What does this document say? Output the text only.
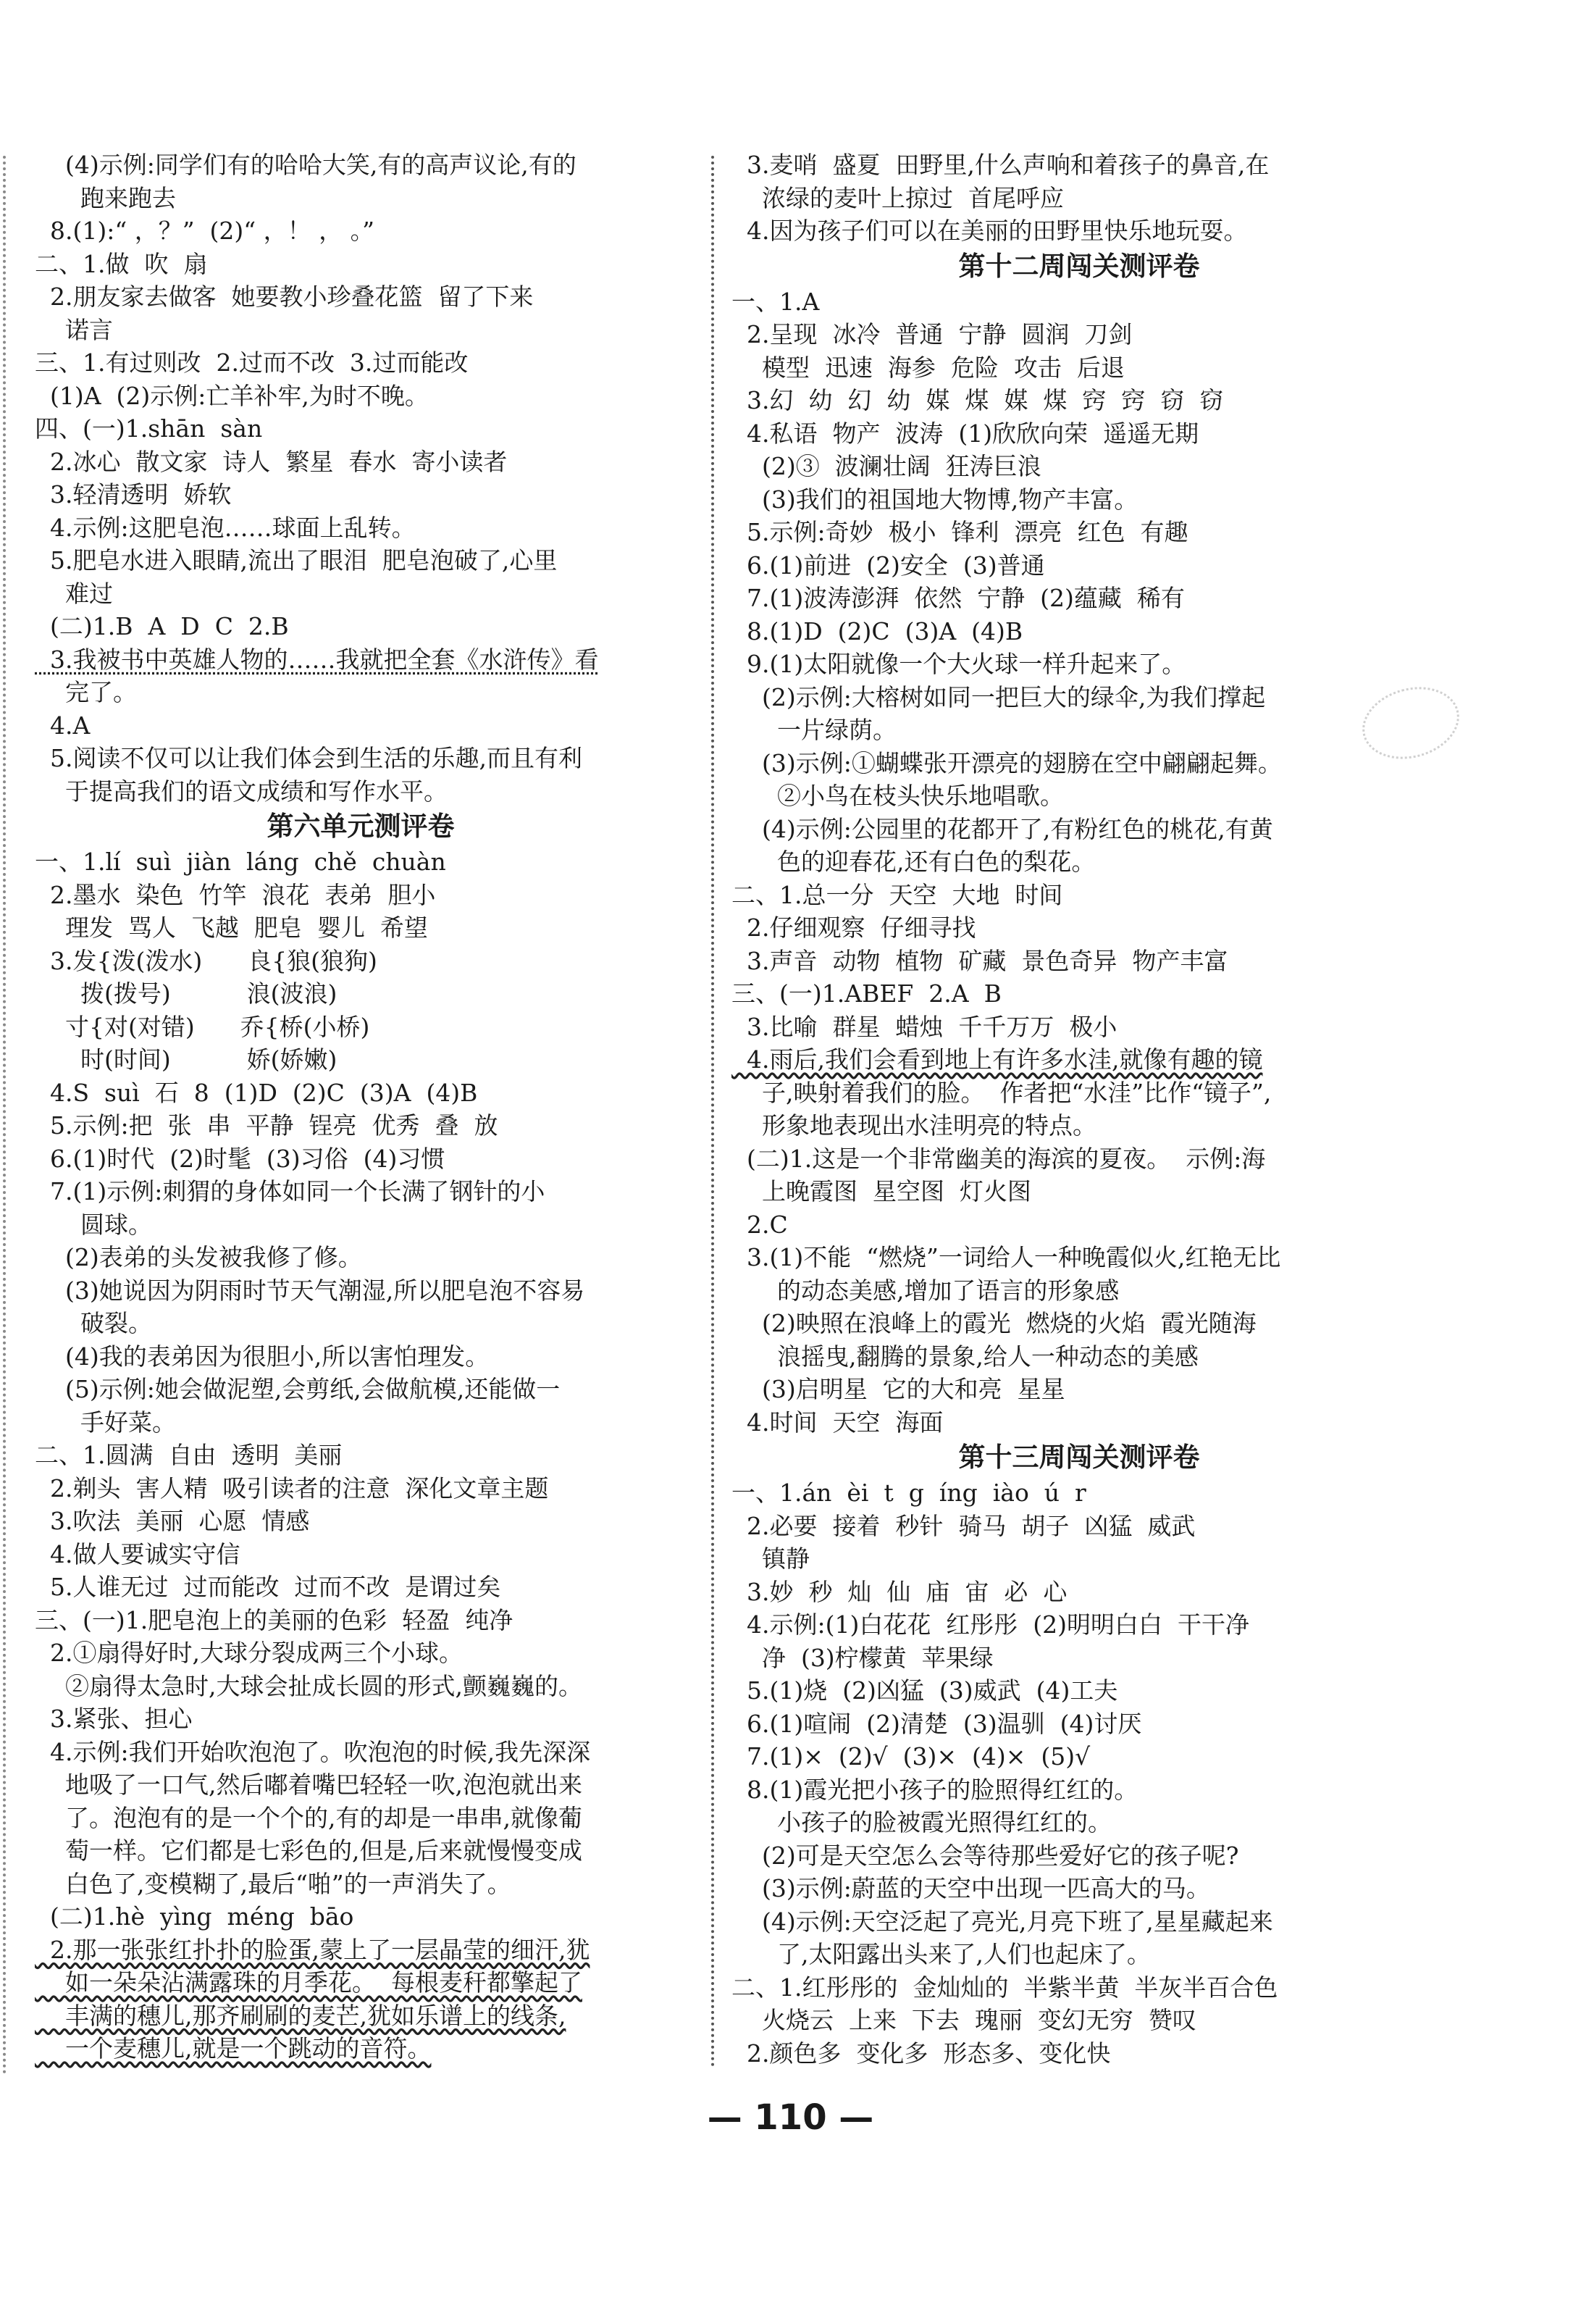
(4)示例:同学们有的哈哈大笑,有的高声议论,有的
跑来跑去
8.(1):“ ，？”  (2)“ ，！ ， 。”
二、1.做  吹  扇
2.朋友家去做客  她要教小珍叠花篮  留了下来
诺言
三、1.有过则改  2.过而不改  3.过而能改
(1)A  (2)示例:亡羊补牢,为时不晚。
四、(一)1.shān  sàn
2.冰心  散文家  诗人  繁星  春水  寄小读者
3.轻清透明  娇软
4.示例:这肥皂泡……球面上乱转。
5.肥皂水进入眼睛,流出了眼泪  肥皂泡破了,心里
难过
(二)1.B  A  D  C  2.B
3.我被书中英雄人物的……我就把全套《水浒传》看
完了。
4.A
5.阅读不仅可以让我们体会到生活的乐趣,而且有利
于提高我们的语文成绩和写作水平。
第六单元测评卷
一、1.lí  suì  jiàn  láng  chě  chuàn
2.墨水  染色  竹竿  浪花  表弟  胆小
理发  骂人  飞越  肥皂  婴儿  希望
3.发{泼(泼水)      良{狼(狼狗)
拨(拨号)          浪(波浪)
寸{对(对错)      乔{桥(小桥)
时(时间)          娇(娇嫩)
4.S  suì  石  8  (1)D  (2)C  (3)A  (4)B
5.示例:把  张  串  平静  锃亮  优秀  叠  放
6.(1)时代  (2)时髦  (3)习俗  (4)习惯
7.(1)示例:刺猬的身体如同一个长满了钢针的小
圆球。
(2)表弟的头发被我修了修。
(3)她说因为阴雨时节天气潮湿,所以肥皂泡不容易
破裂。
(4)我的表弟因为很胆小,所以害怕理发。
(5)示例:她会做泥塑,会剪纸,会做航模,还能做一
手好菜。
二、1.圆满  自由  透明  美丽
2.剃头  害人精  吸引读者的注意  深化文章主题
3.吹法  美丽  心愿  情感
4.做人要诚实守信
5.人谁无过  过而能改  过而不改  是谓过矣
三、(一)1.肥皂泡上的美丽的色彩  轻盈  纯净
2.①扇得好时,大球分裂成两三个小球。
②扇得太急时,大球会扯成长圆的形式,颤巍巍的。
3.紧张、担心
4.示例:我们开始吹泡泡了。吹泡泡的时候,我先深深
地吸了一口气,然后嘟着嘴巴轻轻一吹,泡泡就出来
了。泡泡有的是一个个的,有的却是一串串,就像葡
萄一样。它们都是七彩色的,但是,后来就慢慢变成
白色了,变模糊了,最后“啪”的一声消失了。
(二)1.hè  yìng  méng  bāo
2.那一张张红扑扑的脸蛋,蒙上了一层晶莹的细汗,犹
如一朵朵沾满露珠的月季花。  每根麦秆都擎起了
丰满的穗儿,那齐刷刷的麦芒,犹如乐谱上的线条,
一个麦穗儿,就是一个跳动的音符。
3.麦哨  盛夏  田野里,什么声响和着孩子的鼻音,在
浓绿的麦叶上掠过  首尾呼应
4.因为孩子们可以在美丽的田野里快乐地玩耍。
第十二周闯关测评卷
一、1.A
2.呈现  冰冷  普通  宁静  圆润  刀剑
模型  迅速  海参  危险  攻击  后退
3.幻  幼  幻  幼  媒  煤  媒  煤  窍  窍  窃  窃
4.私语  物产  波涛  (1)欣欣向荣  遥遥无期
(2)③  波澜壮阔  狂涛巨浪
(3)我们的祖国地大物博,物产丰富。
5.示例:奇妙  极小  锋利  漂亮  红色  有趣
6.(1)前进  (2)安全  (3)普通
7.(1)波涛澎湃  依然  宁静  (2)蕴藏  稀有
8.(1)D  (2)C  (3)A  (4)B
9.(1)太阳就像一个大火球一样升起来了。
(2)示例:大榕树如同一把巨大的绿伞,为我们撑起
一片绿荫。
(3)示例:①蝴蝶张开漂亮的翅膀在空中翩翩起舞。
②小鸟在枝头快乐地唱歌。
(4)示例:公园里的花都开了,有粉红色的桃花,有黄
色的迎春花,还有白色的梨花。
二、1.总一分  天空  大地  时间
2.仔细观察  仔细寻找
3.声音  动物  植物  矿藏  景色奇异  物产丰富
三、(一)1.ABEF  2.A  B
3.比喻  群星  蜡烛  千千万万  极小
4.雨后,我们会看到地上有许多水洼,就像有趣的镜
子,映射着我们的脸。  作者把“水洼”比作“镜子”,
形象地表现出水洼明亮的特点。
(二)1.这是一个非常幽美的海滨的夏夜。  示例:海
上晚霞图  星空图  灯火图
2.C
3.(1)不能  “燃烧”一词给人一种晚霞似火,红艳无比
的动态美感,增加了语言的形象感
(2)映照在浪峰上的霞光  燃烧的火焰  霞光随海
浪摇曳,翻腾的景象,给人一种动态的美感
(3)启明星  它的大和亮  星星
4.时间  天空  海面
第十三周闯关测评卷
一、1.án  èi  t  g  íng  iào  ú  r
2.必要  接着  秒针  骑马  胡子  凶猛  威武
镇静
3.妙  秒  灿  仙  庙  宙  必  心
4.示例:(1)白花花  红彤彤  (2)明明白白  干干净
净  (3)柠檬黄  苹果绿
5.(1)烧  (2)凶猛  (3)威武  (4)工夫
6.(1)喧闹  (2)清楚  (3)温驯  (4)讨厌
7.(1)×  (2)√  (3)×  (4)×  (5)√
8.(1)霞光把小孩子的脸照得红红的。
小孩子的脸被霞光照得红红的。
(2)可是天空怎么会等待那些爱好它的孩子呢?
(3)示例:蔚蓝的天空中出现一匹高大的马。
(4)示例:天空泛起了亮光,月亮下班了,星星藏起来
了,太阳露出头来了,人们也起床了。
二、1.红彤彤的  金灿灿的  半紫半黄  半灰半百合色
火烧云  上来  下去  瑰丽  变幻无穷  赞叹
2.颜色多  变化多  形态多、变化快
— 110 —
